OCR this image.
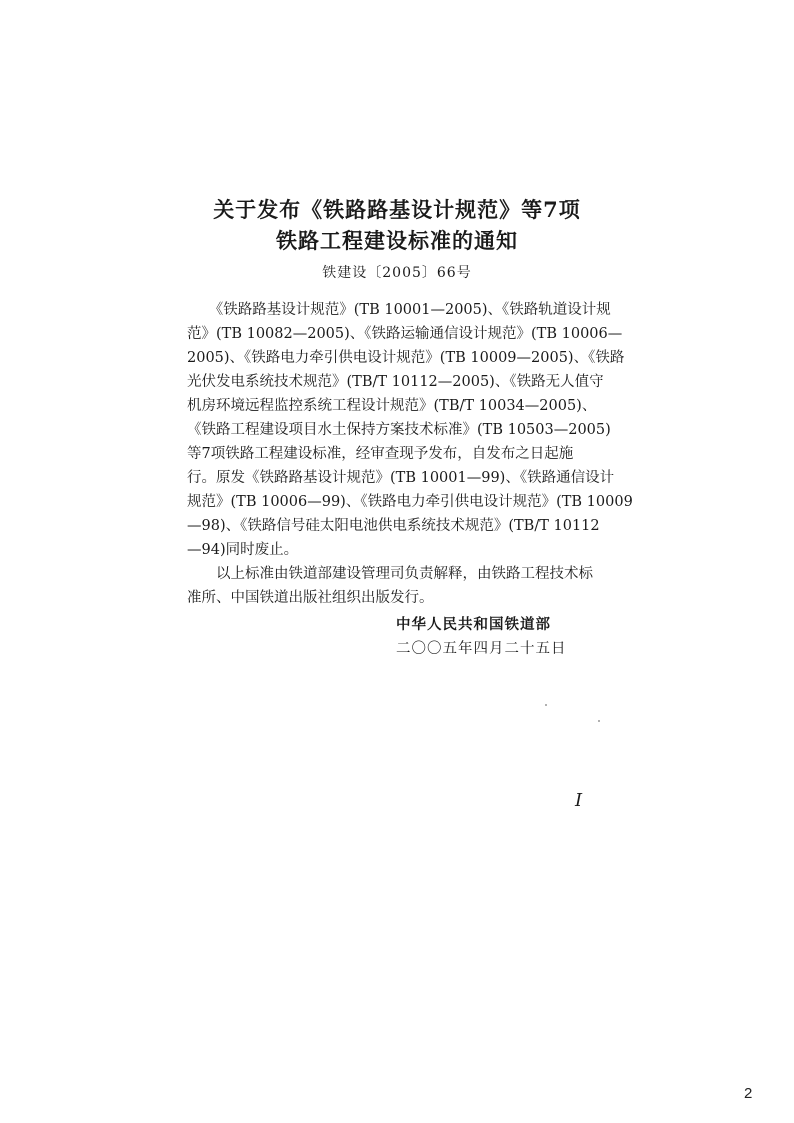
关于发布《铁路路基设计规范》等7项
铁路工程建设标准的通知
铁建设〔2005〕66号
　　《铁路路基设计规范》(TB 10001—2005)、《铁路轨道设计规
范》(TB 10082—2005)、《铁路运输通信设计规范》(TB 10006—
2005)、《铁路电力牵引供电设计规范》(TB 10009—2005)、《铁路
光伏发电系统技术规范》(TB/T 10112—2005)、《铁路无人值守
机房环境远程监控系统工程设计规范》(TB/T 10034—2005)、
《铁路工程建设项目水土保持方案技术标准》(TB 10503—2005)
等7项铁路工程建设标准，经审查现予发布，自发布之日起施
行。原发《铁路路基设计规范》(TB 10001—99)、《铁路通信设计
规范》(TB 10006—99)、《铁路电力牵引供电设计规范》(TB 10009
—98)、《铁路信号硅太阳电池供电系统技术规范》(TB/T 10112
—94)同时废止。
　　以上标准由铁道部建设管理司负责解释，由铁路工程技术标
准所、中国铁道出版社组织出版发行。
中华人民共和国铁道部
二〇〇五年四月二十五日
I
2
